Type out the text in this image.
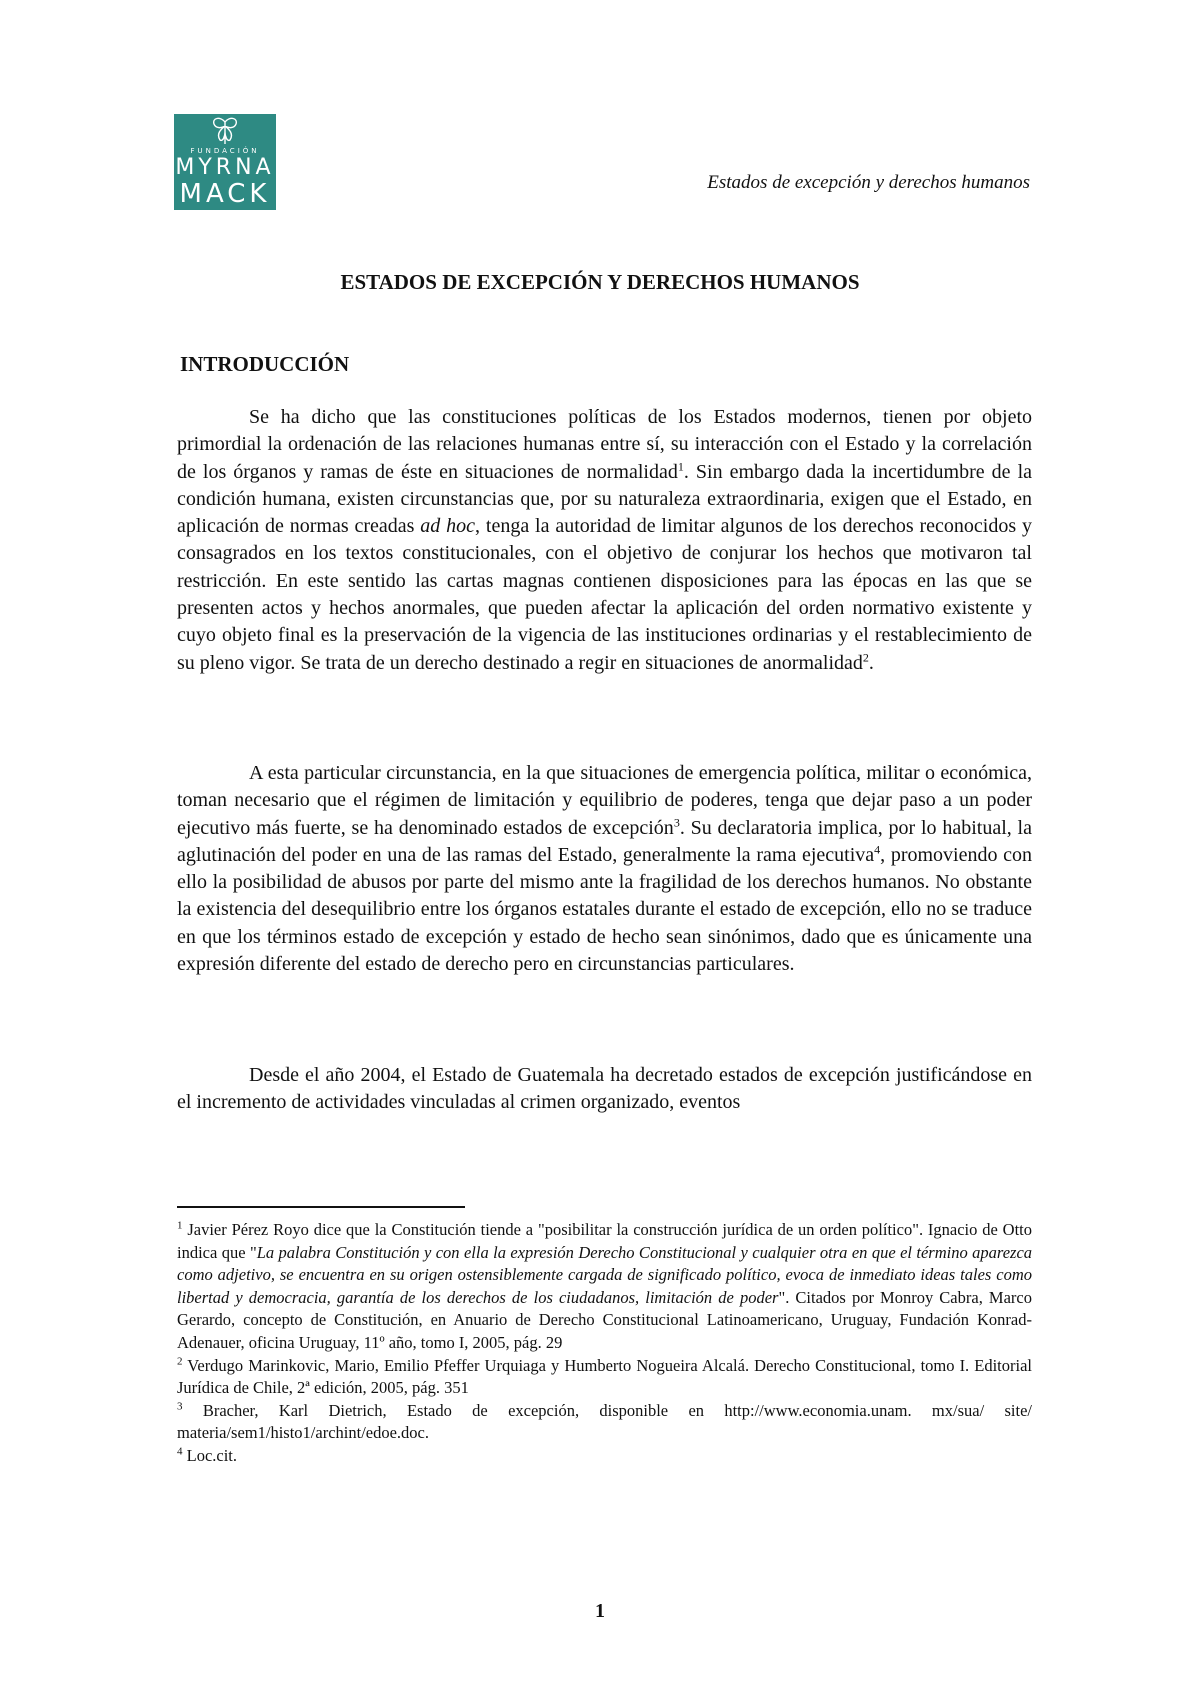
FUNDACIÓN
MYRNA
MACK	Estados de excepción y derechos humanos
ESTADOS DE EXCEPCIÓN Y DERECHOS HUMANOS
INTRODUCCIÓN

Se ha dicho que las constituciones políticas de los Estados modernos, tienen por objeto primordial la ordenación de las relaciones humanas entre sí, su interacción con el Estado y la correlación de los órganos y ramas de éste en situaciones de normalidad$^1$. Sin embargo dada la incertidumbre de la condición humana, existen circunstancias que, por su naturaleza extraordinaria, exigen que el Estado, en aplicación de normas creadas ad hoc, tenga la autoridad de limitar algunos de los derechos reconocidos y consagrados en los textos constitucionales, con el objetivo de conjurar los hechos que motivaron tal restricción. En este sentido las cartas magnas contienen disposiciones para las épocas en las que se presenten actos y hechos anormales, que pueden afectar la aplicación del orden normativo existente y cuyo objeto final es la preservación de la vigencia de las instituciones ordinarias y el restablecimiento de su pleno vigor. Se trata de un derecho destinado a regir en situaciones de anormalidad$^2$.

A esta particular circunstancia, en la que situaciones de emergencia política, militar o económica, toman necesario que el régimen de limitación y equilibrio de poderes, tenga que dejar paso a un poder ejecutivo más fuerte, se ha denominado estados de excepción$^3$. Su declaratoria implica, por lo habitual, la aglutinación del poder en una de las ramas del Estado, generalmente la rama ejecutiva$^4$, promoviendo con ello la posibilidad de abusos por parte del mismo ante la fragilidad de los derechos humanos. No obstante la existencia del desequilibrio entre los órganos estatales durante el estado de excepción, ello no se traduce en que los términos estado de excepción y estado de hecho sean sinónimos, dado que es únicamente una expresión diferente del estado de derecho pero en circunstancias particulares.

Desde el año 2004, el Estado de Guatemala ha decretado estados de excepción justificándose en el incremento de actividades vinculadas al crimen organizado, eventos

$^1$ Javier Pérez Royo dice que la Constitución tiende a "posibilitar la construcción jurídica de un orden político". Ignacio de Otto indica que "La palabra Constitución y con ella la expresión Derecho Constitucional y cualquier otra en que el término aparezca como adjetivo, se encuentra en su origen ostensiblemente cargada de significado político, evoca de inmediato ideas tales como libertad y democracia, garantía de los derechos de los ciudadanos, limitación de poder". Citados por Monroy Cabra, Marco Gerardo, concepto de Constitución, en Anuario de Derecho Constitucional Latinoamericano, Uruguay, Fundación Konrad-Adenauer, oficina Uruguay, 11º año, tomo I, 2005, pág. 29

$^2$ Verdugo Marinkovic, Mario, Emilio Pfeffer Urquiaga y Humberto Nogueira Alcalá. Derecho Constitucional, tomo I. Editorial Jurídica de Chile, 2ª edición, 2005, pág. 351

$^3$ Bracher, Karl Dietrich, Estado de excepción, disponible en http://www.economia.unam. mx/sua/ site/ materia/sem1/histo1/archint/edoe.doc.

$^4$ Loc.cit.

1
